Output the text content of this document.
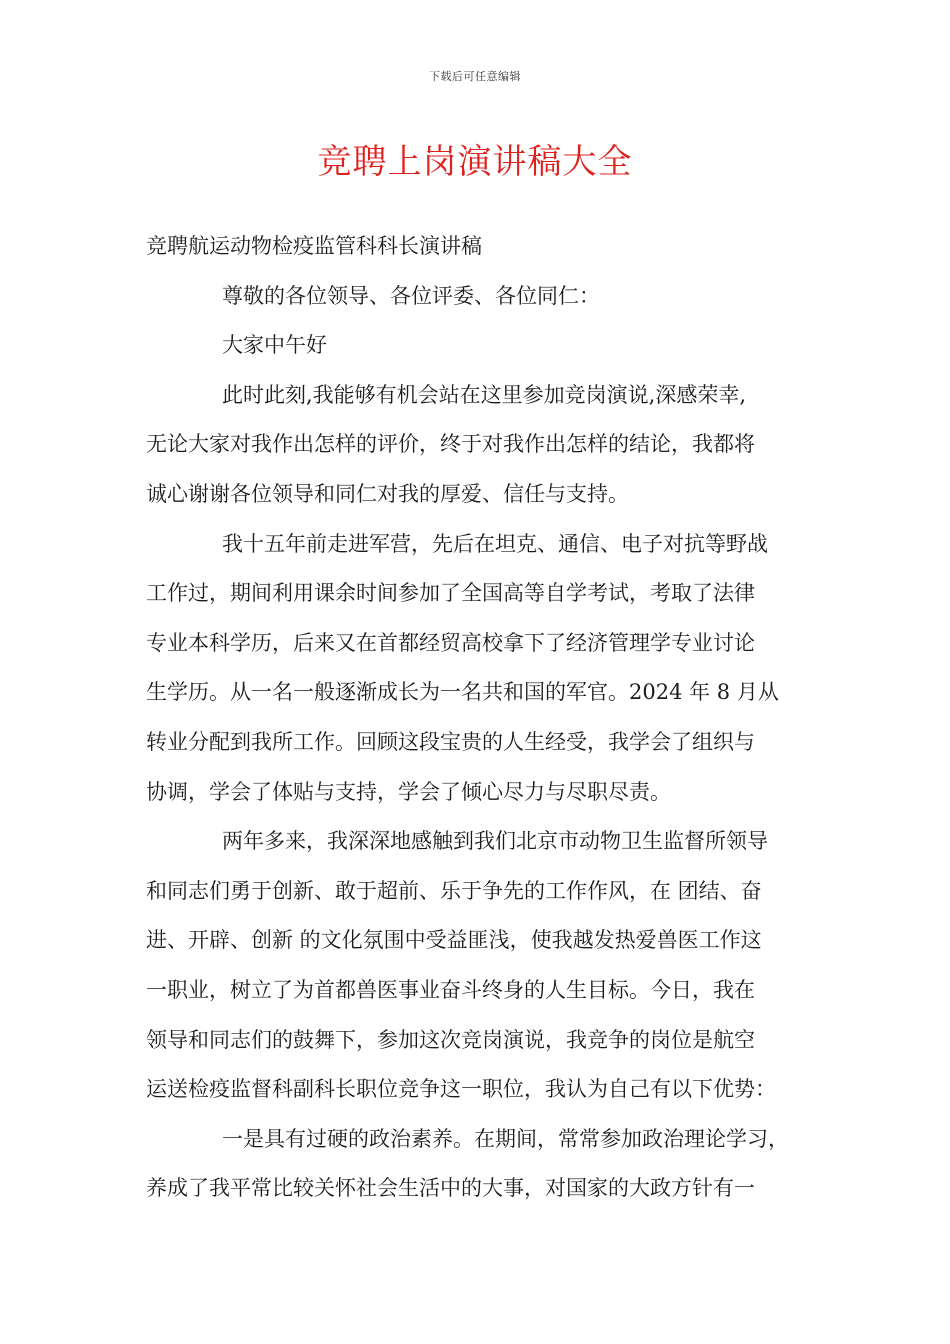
下载后可任意编辑
竞聘上岗演讲稿大全
竞聘航运动物检疫监管科科长演讲稿
尊敬的各位领导、各位评委、各位同仁：
大家中午好
此时此刻,我能够有机会站在这里参加竞岗演说,深感荣幸,
无论大家对我作出怎样的评价，终于对我作出怎样的结论，我都将
诚心谢谢各位领导和同仁对我的厚爱、信任与支持。
我十五年前走进军营，先后在坦克、通信、电子对抗等野战
工作过，期间利用课余时间参加了全国高等自学考试，考取了法律
专业本科学历，后来又在首都经贸高校拿下了经济管理学专业讨论
生学历。从一名一般逐渐成长为一名共和国的军官。2024 年 8 月从
转业分配到我所工作。回顾这段宝贵的人生经受，我学会了组织与
协调，学会了体贴与支持，学会了倾心尽力与尽职尽责。
两年多来，我深深地感触到我们北京市动物卫生监督所领导
和同志们勇于创新、敢于超前、乐于争先的工作作风，在 团结、奋
进、开辟、创新 的文化氛围中受益匪浅，使我越发热爱兽医工作这
一职业，树立了为首都兽医事业奋斗终身的人生目标。今日，我在
领导和同志们的鼓舞下，参加这次竞岗演说，我竞争的岗位是航空
运送检疫监督科副科长职位竞争这一职位，我认为自己有以下优势：
一是具有过硬的政治素养。在期间，常常参加政治理论学习，
养成了我平常比较关怀社会生活中的大事，对国家的大政方针有一
